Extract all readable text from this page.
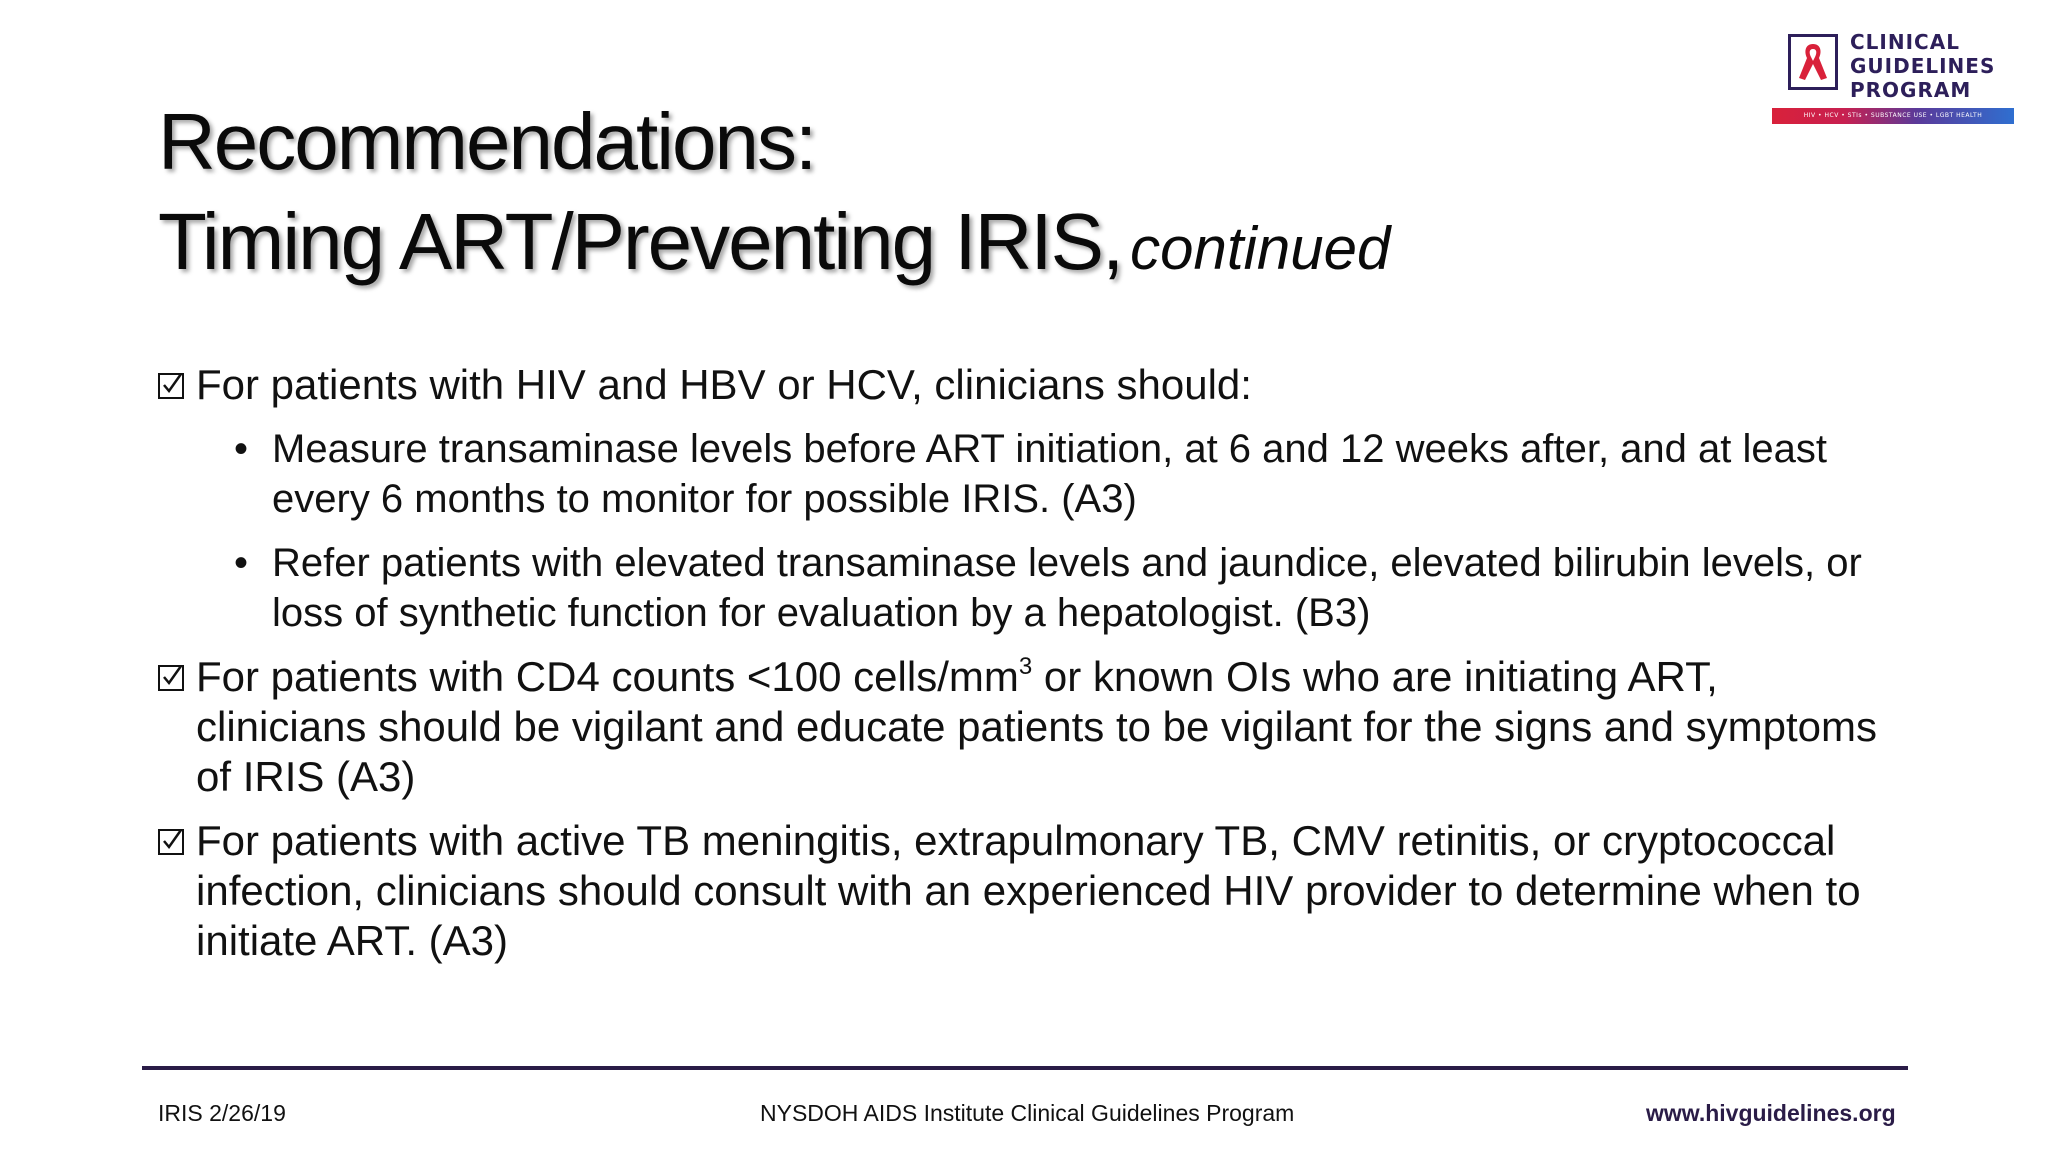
Recommendations:
Timing ART/Preventing IRIS, continued
CLINICAL
GUIDELINES
PROGRAM
HIV • HCV • STIs • SUBSTANCE USE • LGBT HEALTH
For patients with HIV and HBV or HCV, clinicians should:
• Measure transaminase levels before ART initiation, at 6 and 12 weeks after, and at least every 6 months to monitor for possible IRIS. (A3)
• Refer patients with elevated transaminase levels and jaundice, elevated bilirubin levels, or loss of synthetic function for evaluation by a hepatologist. (B3)
For patients with CD4 counts <100 cells/$mm^3$ or known OIs who are initiating ART, clinicians should be vigilant and educate patients to be vigilant for the signs and symptoms of IRIS (A3)
For patients with active TB meningitis, extrapulmonary TB, CMV retinitis, or cryptococcal infection, clinicians should consult with an experienced HIV provider to determine when to initiate ART. (A3)
IRIS 2/26/19	NYSDOH AIDS Institute Clinical Guidelines Program	www.hivguidelines.org
